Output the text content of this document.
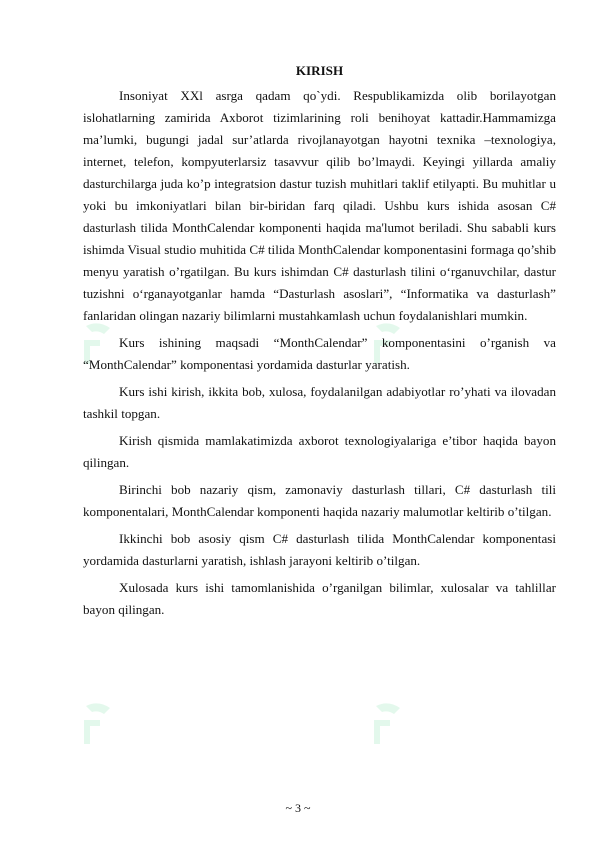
KIRISH

Insoniyat XXl asrga qadam qo`ydi. Respublikamizda olib borilayotgan islohatlarning zamirida Axborot tizimlarining roli benihoyat kattadir.Hammamizga ma’lumki, bugungi jadal sur’atlarda rivojlanayotgan hayotni texnika –texnologiya, internet, telefon, kompyuterlarsiz tasavvur qilib bo’lmaydi. Keyingi yillarda amaliy dasturchilarga juda ko’p integratsion dastur tuzish muhitlari taklif etilyapti. Bu muhitlar u yoki bu imkoniyatlari bilan bir-biridan farq qiladi. Ushbu kurs ishida asosan C# dasturlash tilida MonthCalendar komponenti haqida ma'lumot beriladi. Shu sababli kurs ishimda Visual studio muhitida C# tilida MonthCalendar komponentasini formaga qo’shib menyu yaratish o’rgatilgan. Bu kurs ishimdan C# dasturlash tilini o‘rganuvchilar, dastur tuzishni o‘rganayotganlar hamda “Dasturlash asoslari”, “Informatika va dasturlash” fanlaridan olingan nazariy bilimlarni mustahkamlash uchun foydalanishlari mumkin.

Kurs ishining maqsadi “MonthCalendar” komponentasini o’rganish va “MonthCalendar” komponentasi yordamida dasturlar yaratish.

Kurs ishi kirish, ikkita bob, xulosa, foydalanilgan adabiyotlar ro’yhati va ilovadan tashkil topgan.

Kirish qismida mamlakatimizda axborot texnologiyalariga e’tibor haqida bayon qilingan.

Birinchi bob nazariy qism, zamonaviy dasturlash tillari, C# dasturlash tili komponentalari, MonthCalendar komponenti haqida nazariy malumotlar keltirib o’tilgan.

Ikkinchi bob asosiy qism C# dasturlash tilida MonthCalendar komponentasi yordamida dasturlarni yaratish, ishlash jarayoni keltirib o’tilgan.

Xulosada kurs ishi tamomlanishida o’rganilgan bilimlar, xulosalar va tahlillar bayon qilingan.

~ 3 ~
